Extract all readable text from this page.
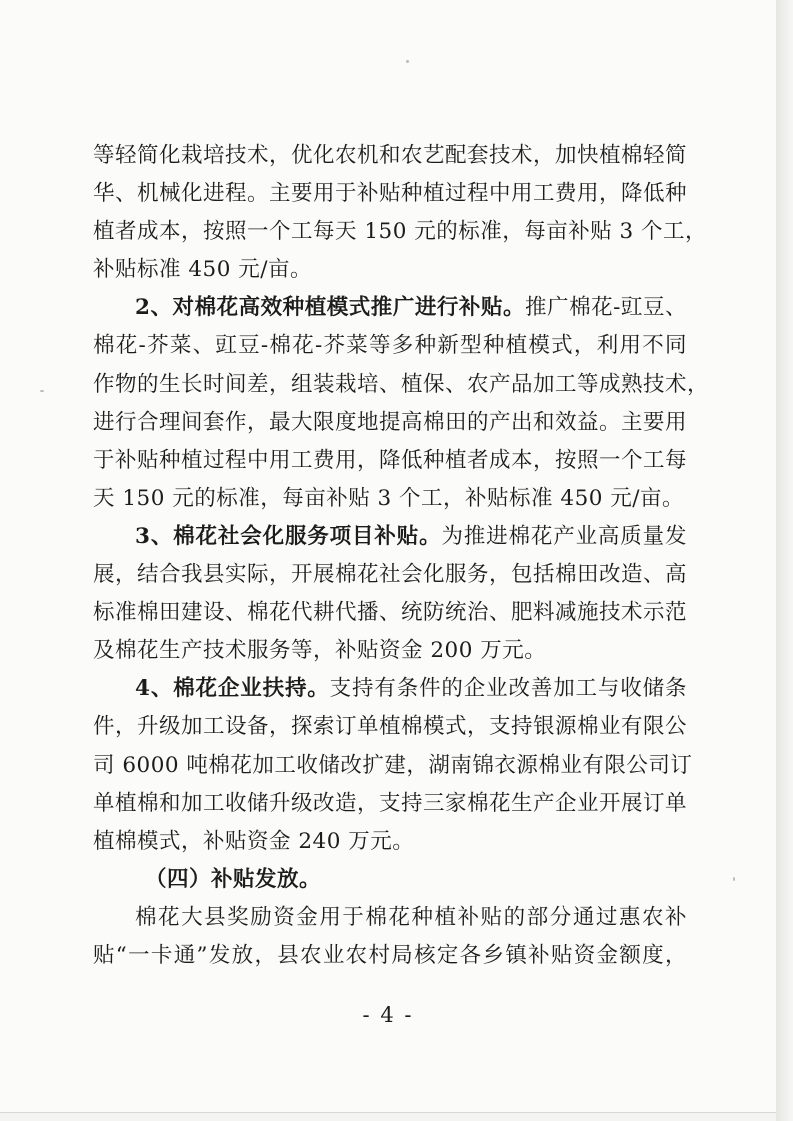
等轻简化栽培技术，优化农机和农艺配套技术，加快植棉轻简
华、机械化进程。主要用于补贴种植过程中用工费用，降低种
植者成本，按照一个工每天 150 元的标准，每亩补贴 3 个工，
补贴标准 450 元/亩。
2、对棉花高效种植模式推广进行补贴。推广棉花-豇豆、
棉花-芥菜、豇豆-棉花-芥菜等多种新型种植模式，利用不同
作物的生长时间差，组装栽培、植保、农产品加工等成熟技术，
进行合理间套作，最大限度地提高棉田的产出和效益。主要用
于补贴种植过程中用工费用，降低种植者成本，按照一个工每
天 150 元的标准，每亩补贴 3 个工，补贴标准 450 元/亩。
3、棉花社会化服务项目补贴。为推进棉花产业高质量发
展，结合我县实际，开展棉花社会化服务，包括棉田改造、高
标准棉田建设、棉花代耕代播、统防统治、肥料减施技术示范
及棉花生产技术服务等，补贴资金 200 万元。
4、棉花企业扶持。支持有条件的企业改善加工与收储条
件，升级加工设备，探索订单植棉模式，支持银源棉业有限公
司 6000 吨棉花加工收储改扩建，湖南锦衣源棉业有限公司订
单植棉和加工收储升级改造，支持三家棉花生产企业开展订单
植棉模式，补贴资金 240 万元。
（四）补贴发放。
棉花大县奖励资金用于棉花种植补贴的部分通过惠农补
贴“一卡通”发放，县农业农村局核定各乡镇补贴资金额度，
- 4 -
